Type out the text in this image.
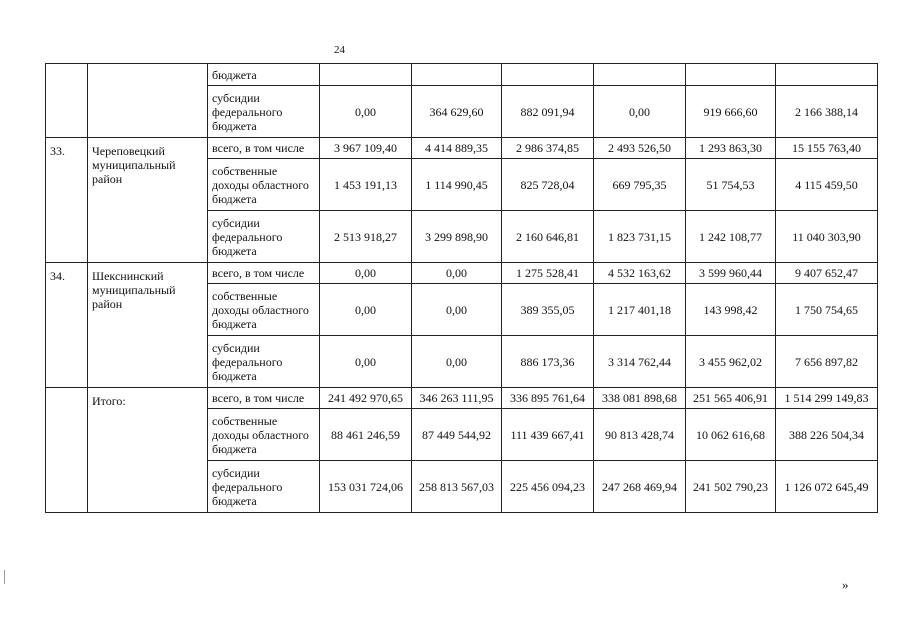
24
		бюджета						
		субсидии федерального бюджета	0,00	364 629,60	882 091,94	0,00	919 666,60	2 166 388,14
33.	Череповецкий муниципальный район	всего, в том числе	3 967 109,40	4 414 889,35	2 986 374,85	2 493 526,50	1 293 863,30	15 155 763,40
		собственные доходы областного бюджета	1 453 191,13	1 114 990,45	825 728,04	669 795,35	51 754,53	4 115 459,50
		субсидии федерального бюджета	2 513 918,27	3 299 898,90	2 160 646,81	1 823 731,15	1 242 108,77	11 040 303,90
34.	Шекснинский муниципальный район	всего, в том числе	0,00	0,00	1 275 528,41	4 532 163,62	3 599 960,44	9 407 652,47
		собственные доходы областного бюджета	0,00	0,00	389 355,05	1 217 401,18	143 998,42	1 750 754,65
		субсидии федерального бюджета	0,00	0,00	886 173,36	3 314 762,44	3 455 962,02	7 656 897,82
	Итого:	всего, в том числе	241 492 970,65	346 263 111,95	336 895 761,64	338 081 898,68	251 565 406,91	1 514 299 149,83
		собственные доходы областного бюджета	88 461 246,59	87 449 544,92	111 439 667,41	90 813 428,74	10 062 616,68	388 226 504,34
		субсидии федерального бюджета	153 031 724,06	258 813 567,03	225 456 094,23	247 268 469,94	241 502 790,23	1 126 072 645,49
»
